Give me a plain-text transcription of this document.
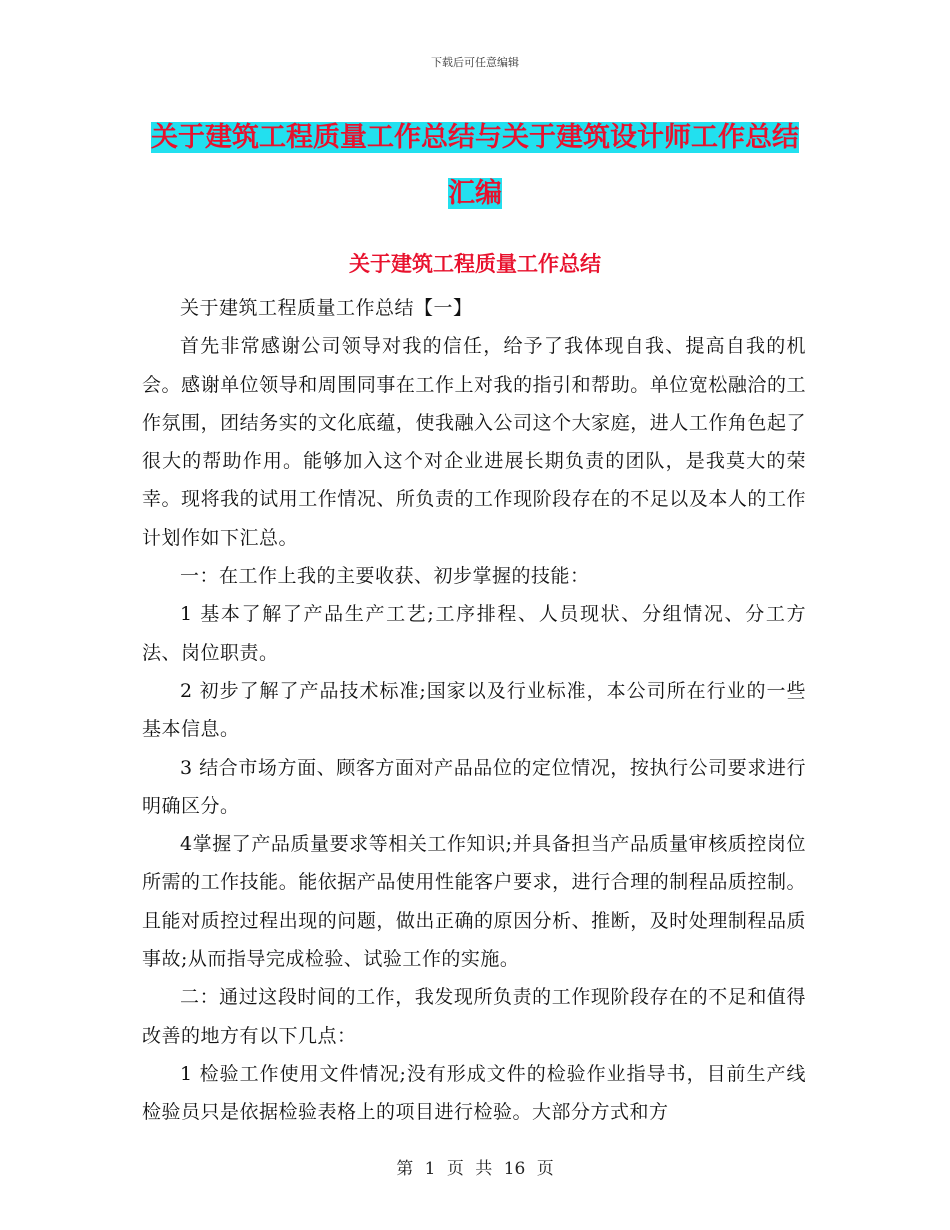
下载后可任意编辑
关于建筑工程质量工作总结与关于建筑设计师工作总结汇编
关于建筑工程质量工作总结

关于建筑工程质量工作总结【一】

首先非常感谢公司领导对我的信任，给予了我体现自我、提高自我的机会。感谢单位领导和周围同事在工作上对我的指引和帮助。单位宽松融洽的工作氛围，团结务实的文化底蕴，使我融入公司这个大家庭，进人工作角色起了很大的帮助作用。能够加入这个对企业进展长期负责的团队，是我莫大的荣幸。现将我的试用工作情况、所负责的工作现阶段存在的不足以及本人的工作计划作如下汇总。

一：在工作上我的主要收获、初步掌握的技能：

1 基本了解了产品生产工艺;工序排程、人员现状、分组情况、分工方法、岗位职责。

2 初步了解了产品技术标准;国家以及行业标准，本公司所在行业的一些基本信息。

3 结合市场方面、顾客方面对产品品位的定位情况，按执行公司要求进行明确区分。

4掌握了产品质量要求等相关工作知识;并具备担当产品质量审核质控岗位所需的工作技能。能依据产品使用性能客户要求，进行合理的制程品质控制。且能对质控过程出现的问题，做出正确的原因分析、推断，及时处理制程品质事故;从而指导完成检验、试验工作的实施。

二：通过这段时间的工作，我发现所负责的工作现阶段存在的不足和值得改善的地方有以下几点：

1 检验工作使用文件情况;没有形成文件的检验作业指导书，目前生产线检验员只是依据检验表格上的项目进行检验。大部分方式和方

第 1 页 共 16 页
